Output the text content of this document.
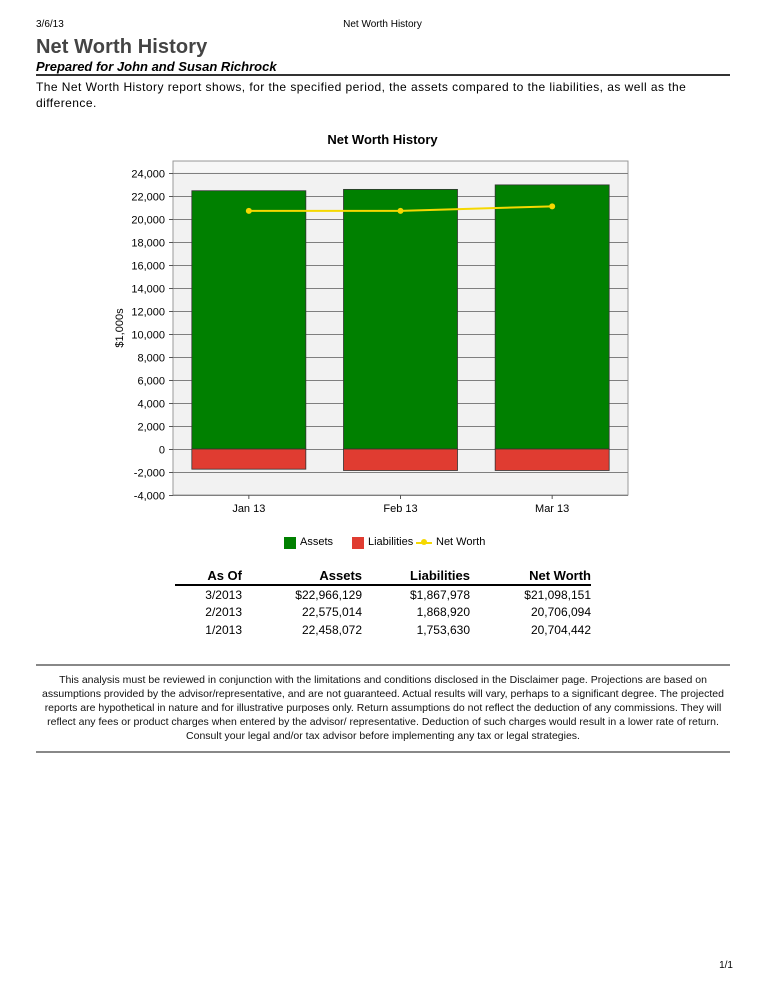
3/6/13	Net Worth History
Net Worth History
Prepared for John and Susan Richrock
The Net Worth History report shows, for the specified period, the assets compared to the liabilities, as well as the difference.
Net Worth History
-4,000
-2,000
0
2,000
4,000
6,000
8,000
10,000
12,000
14,000
16,000
18,000
20,000
22,000
24,000
$1,000s
Jan 13	Feb 13	Mar 13
Assets	Liabilities Net Worth
As Of	Assets	Liabilities	Net Worth
3/2013	$22,966,129	$1,867,978	$21,098,151
2/2013	22,575,014	1,868,920	20,706,094
1/2013	22,458,072	1,753,630	20,704,442
This analysis must be reviewed in conjunction with the limitations and conditions disclosed in the Disclaimer page. Projections are based on assumptions provided by the advisor/representative, and are not guaranteed. Actual results will vary, perhaps to a significant degree. The projected reports are hypothetical in nature and for illustrative purposes only. Return assumptions do not reflect the deduction of any commissions. They will reflect any fees or product charges when entered by the advisor/ representative. Deduction of such charges would result in a lower rate of return. Consult your legal and/or tax advisor before implementing any tax or legal strategies.
1/1
